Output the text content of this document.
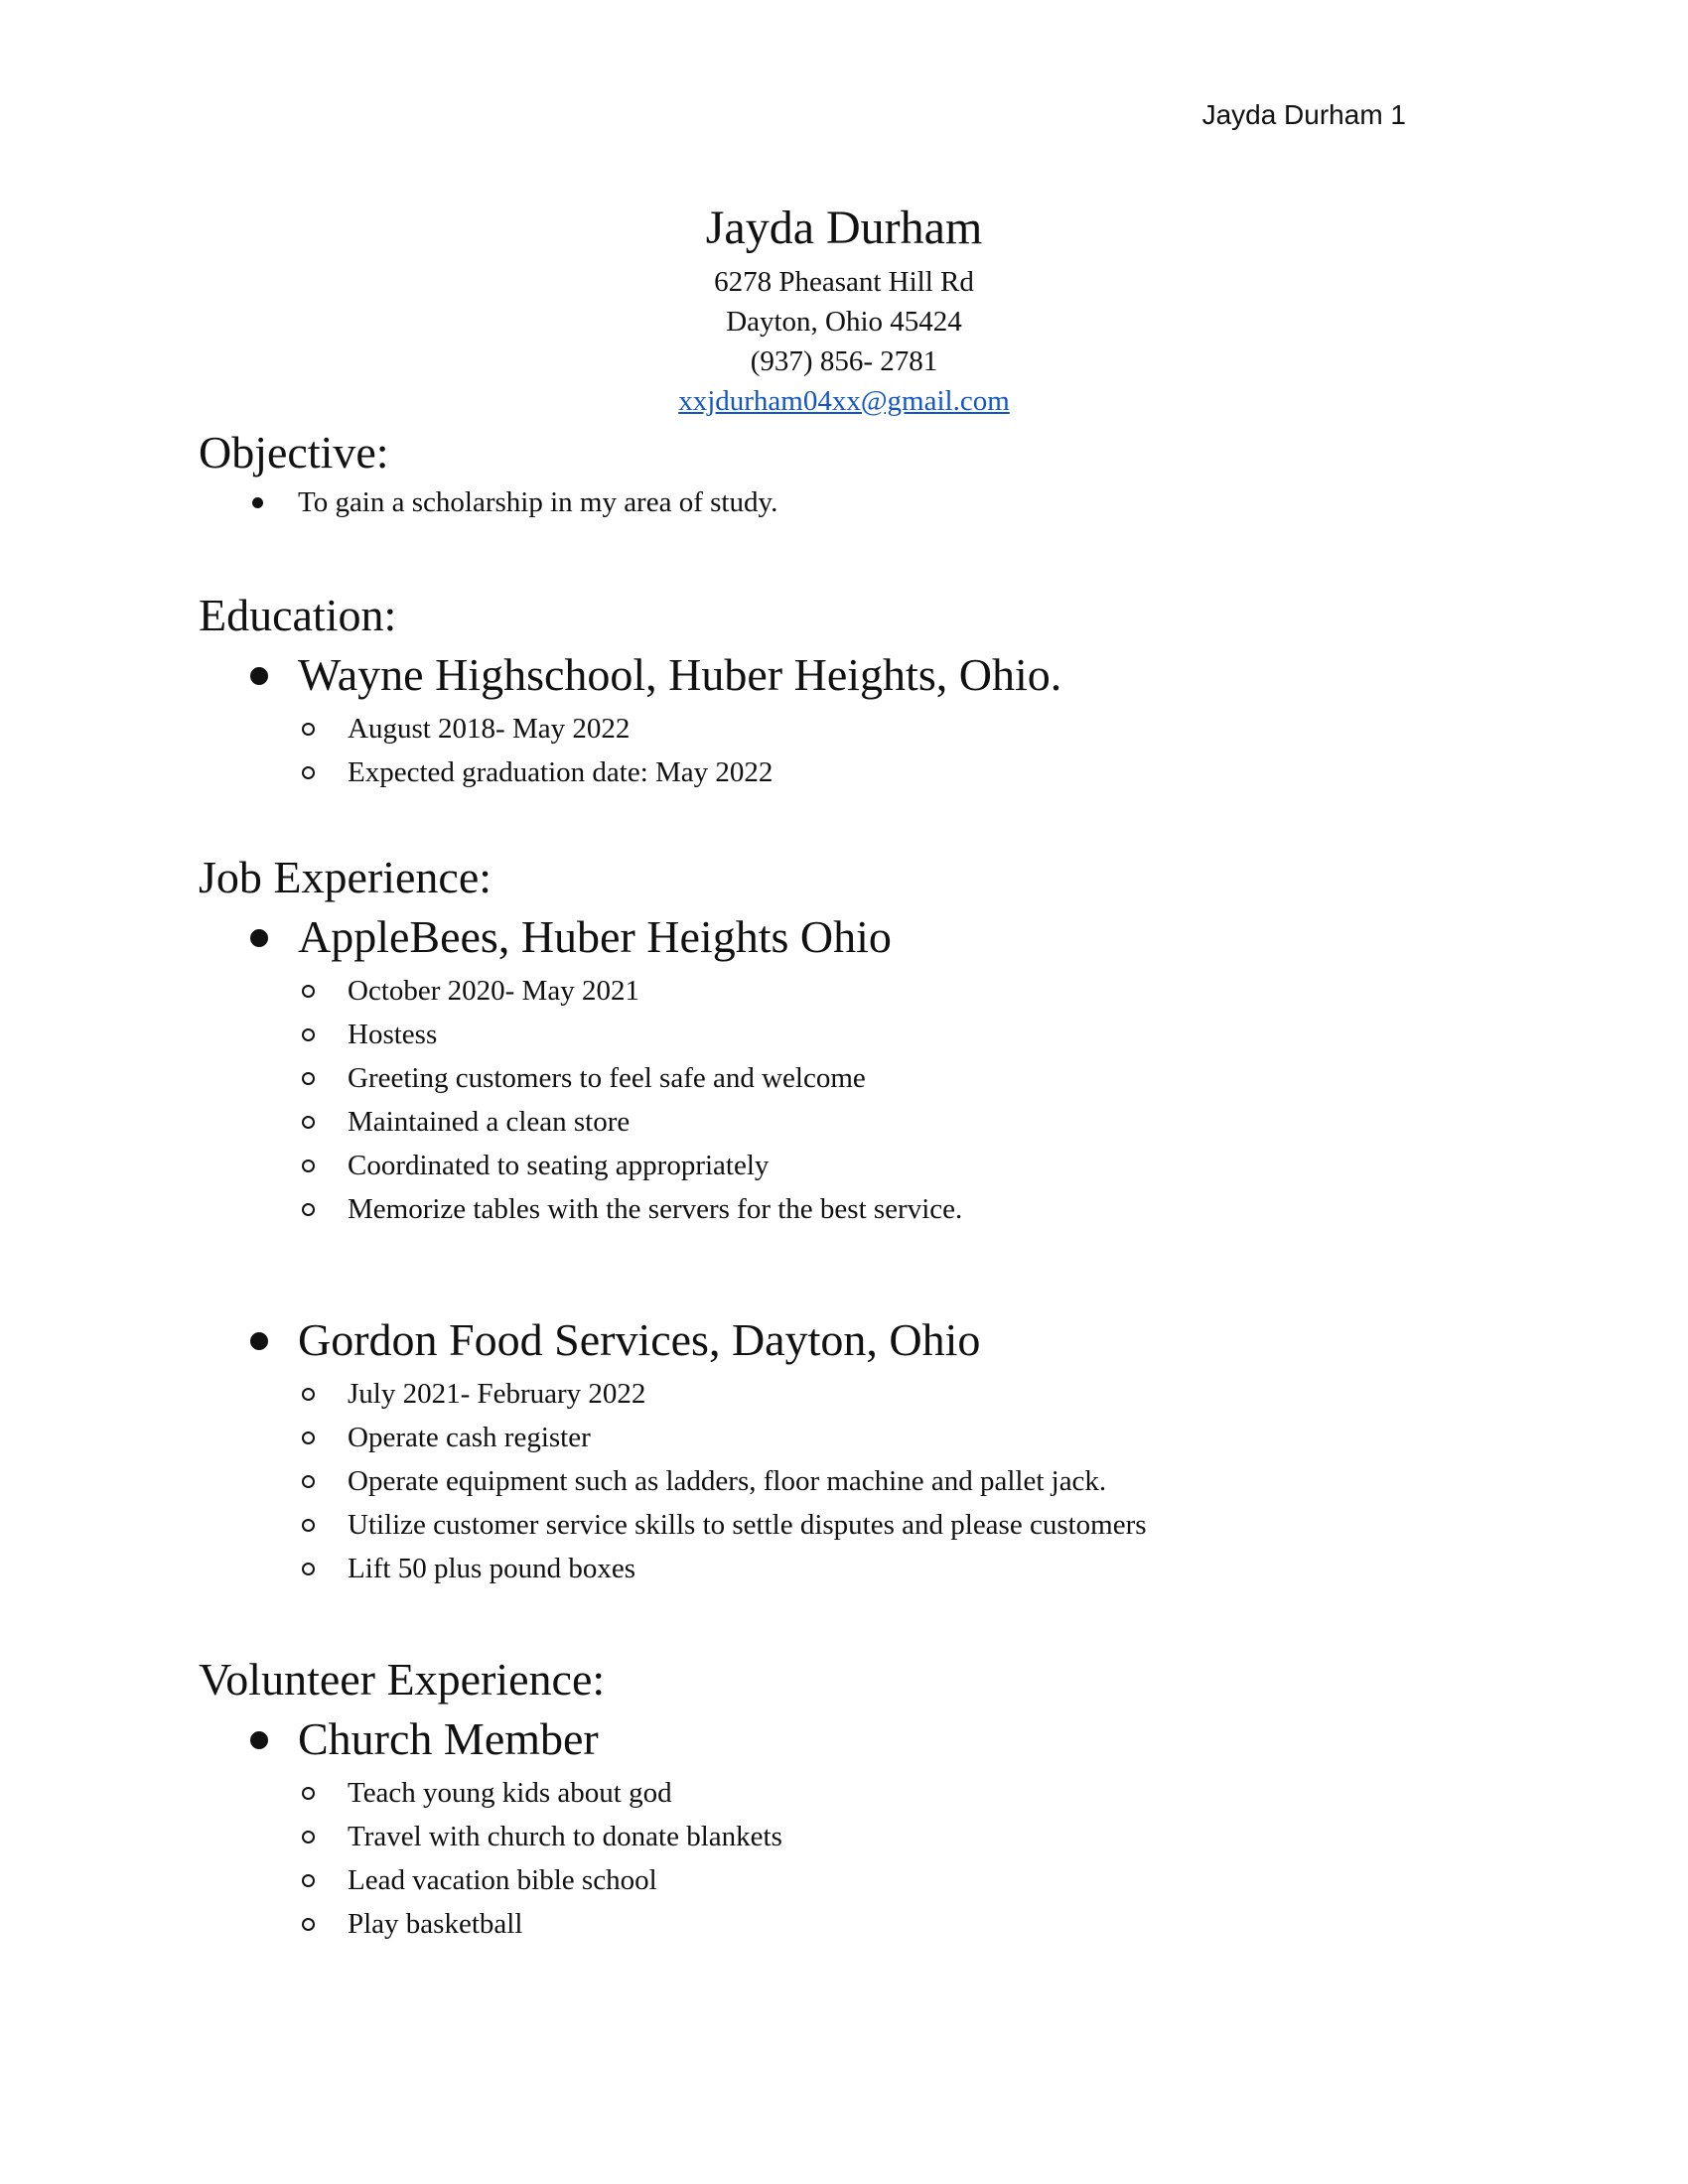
Jayda Durham 1
Jayda Durham
6278 Pheasant Hill Rd
Dayton, Ohio 45424
(937) 856- 2781
xxjdurham04xx@gmail.com
Objective:
To gain a scholarship in my area of study.
Education:
Wayne Highschool, Huber Heights, Ohio.
August 2018- May 2022
Expected graduation date: May 2022
Job Experience:
AppleBees, Huber Heights Ohio
October 2020- May 2021
Hostess
Greeting customers to feel safe and welcome
Maintained a clean store
Coordinated to seating appropriately
Memorize tables with the servers for the best service.
Gordon Food Services, Dayton, Ohio
July 2021- February 2022
Operate cash register
Operate equipment such as ladders, floor machine and pallet jack.
Utilize customer service skills to settle disputes and please customers
Lift 50 plus pound boxes
Volunteer Experience:
Church Member
Teach young kids about god
Travel with church to donate blankets
Lead vacation bible school
Play basketball
